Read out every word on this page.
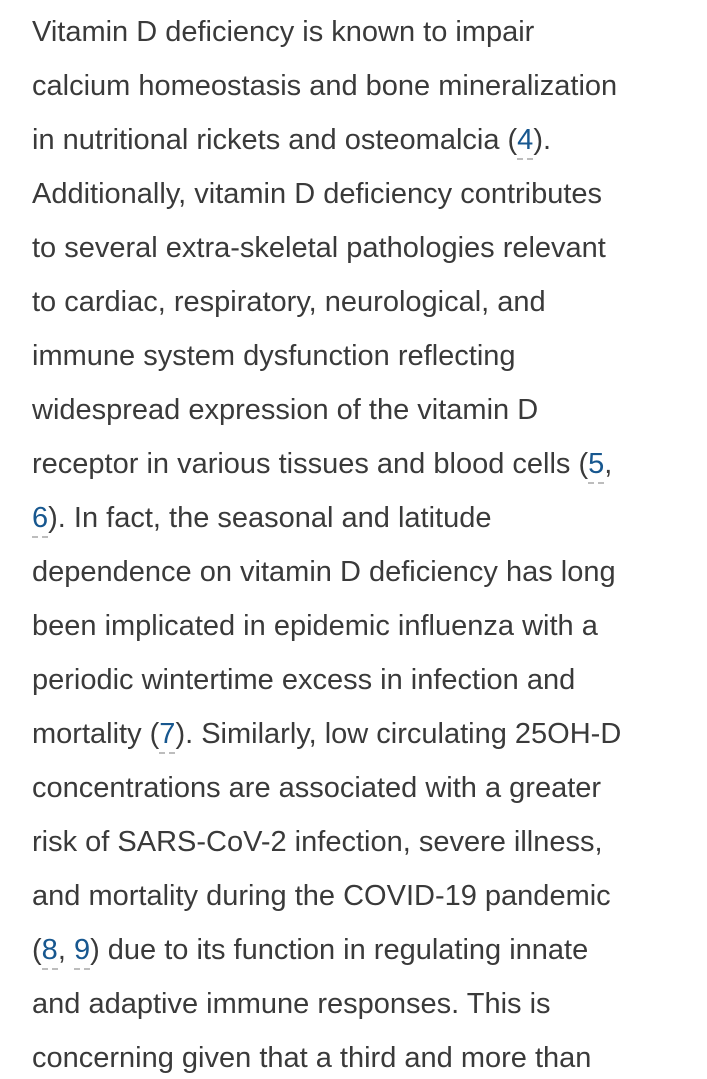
Vitamin D deficiency is known to impair
calcium homeostasis and bone mineralization
in nutritional rickets and osteomalcia (4).
Additionally, vitamin D deficiency contributes
to several extra-skeletal pathologies relevant
to cardiac, respiratory, neurological, and
immune system dysfunction reflecting
widespread expression of the vitamin D
receptor in various tissues and blood cells (5,
6). In fact, the seasonal and latitude
dependence on vitamin D deficiency has long
been implicated in epidemic influenza with a
periodic wintertime excess in infection and
mortality (7). Similarly, low circulating 25OH-D
concentrations are associated with a greater
risk of SARS-CoV-2 infection, severe illness,
and mortality during the COVID-19 pandemic
(8, 9) due to its function in regulating innate
and adaptive immune responses. This is
concerning given that a third and more than
